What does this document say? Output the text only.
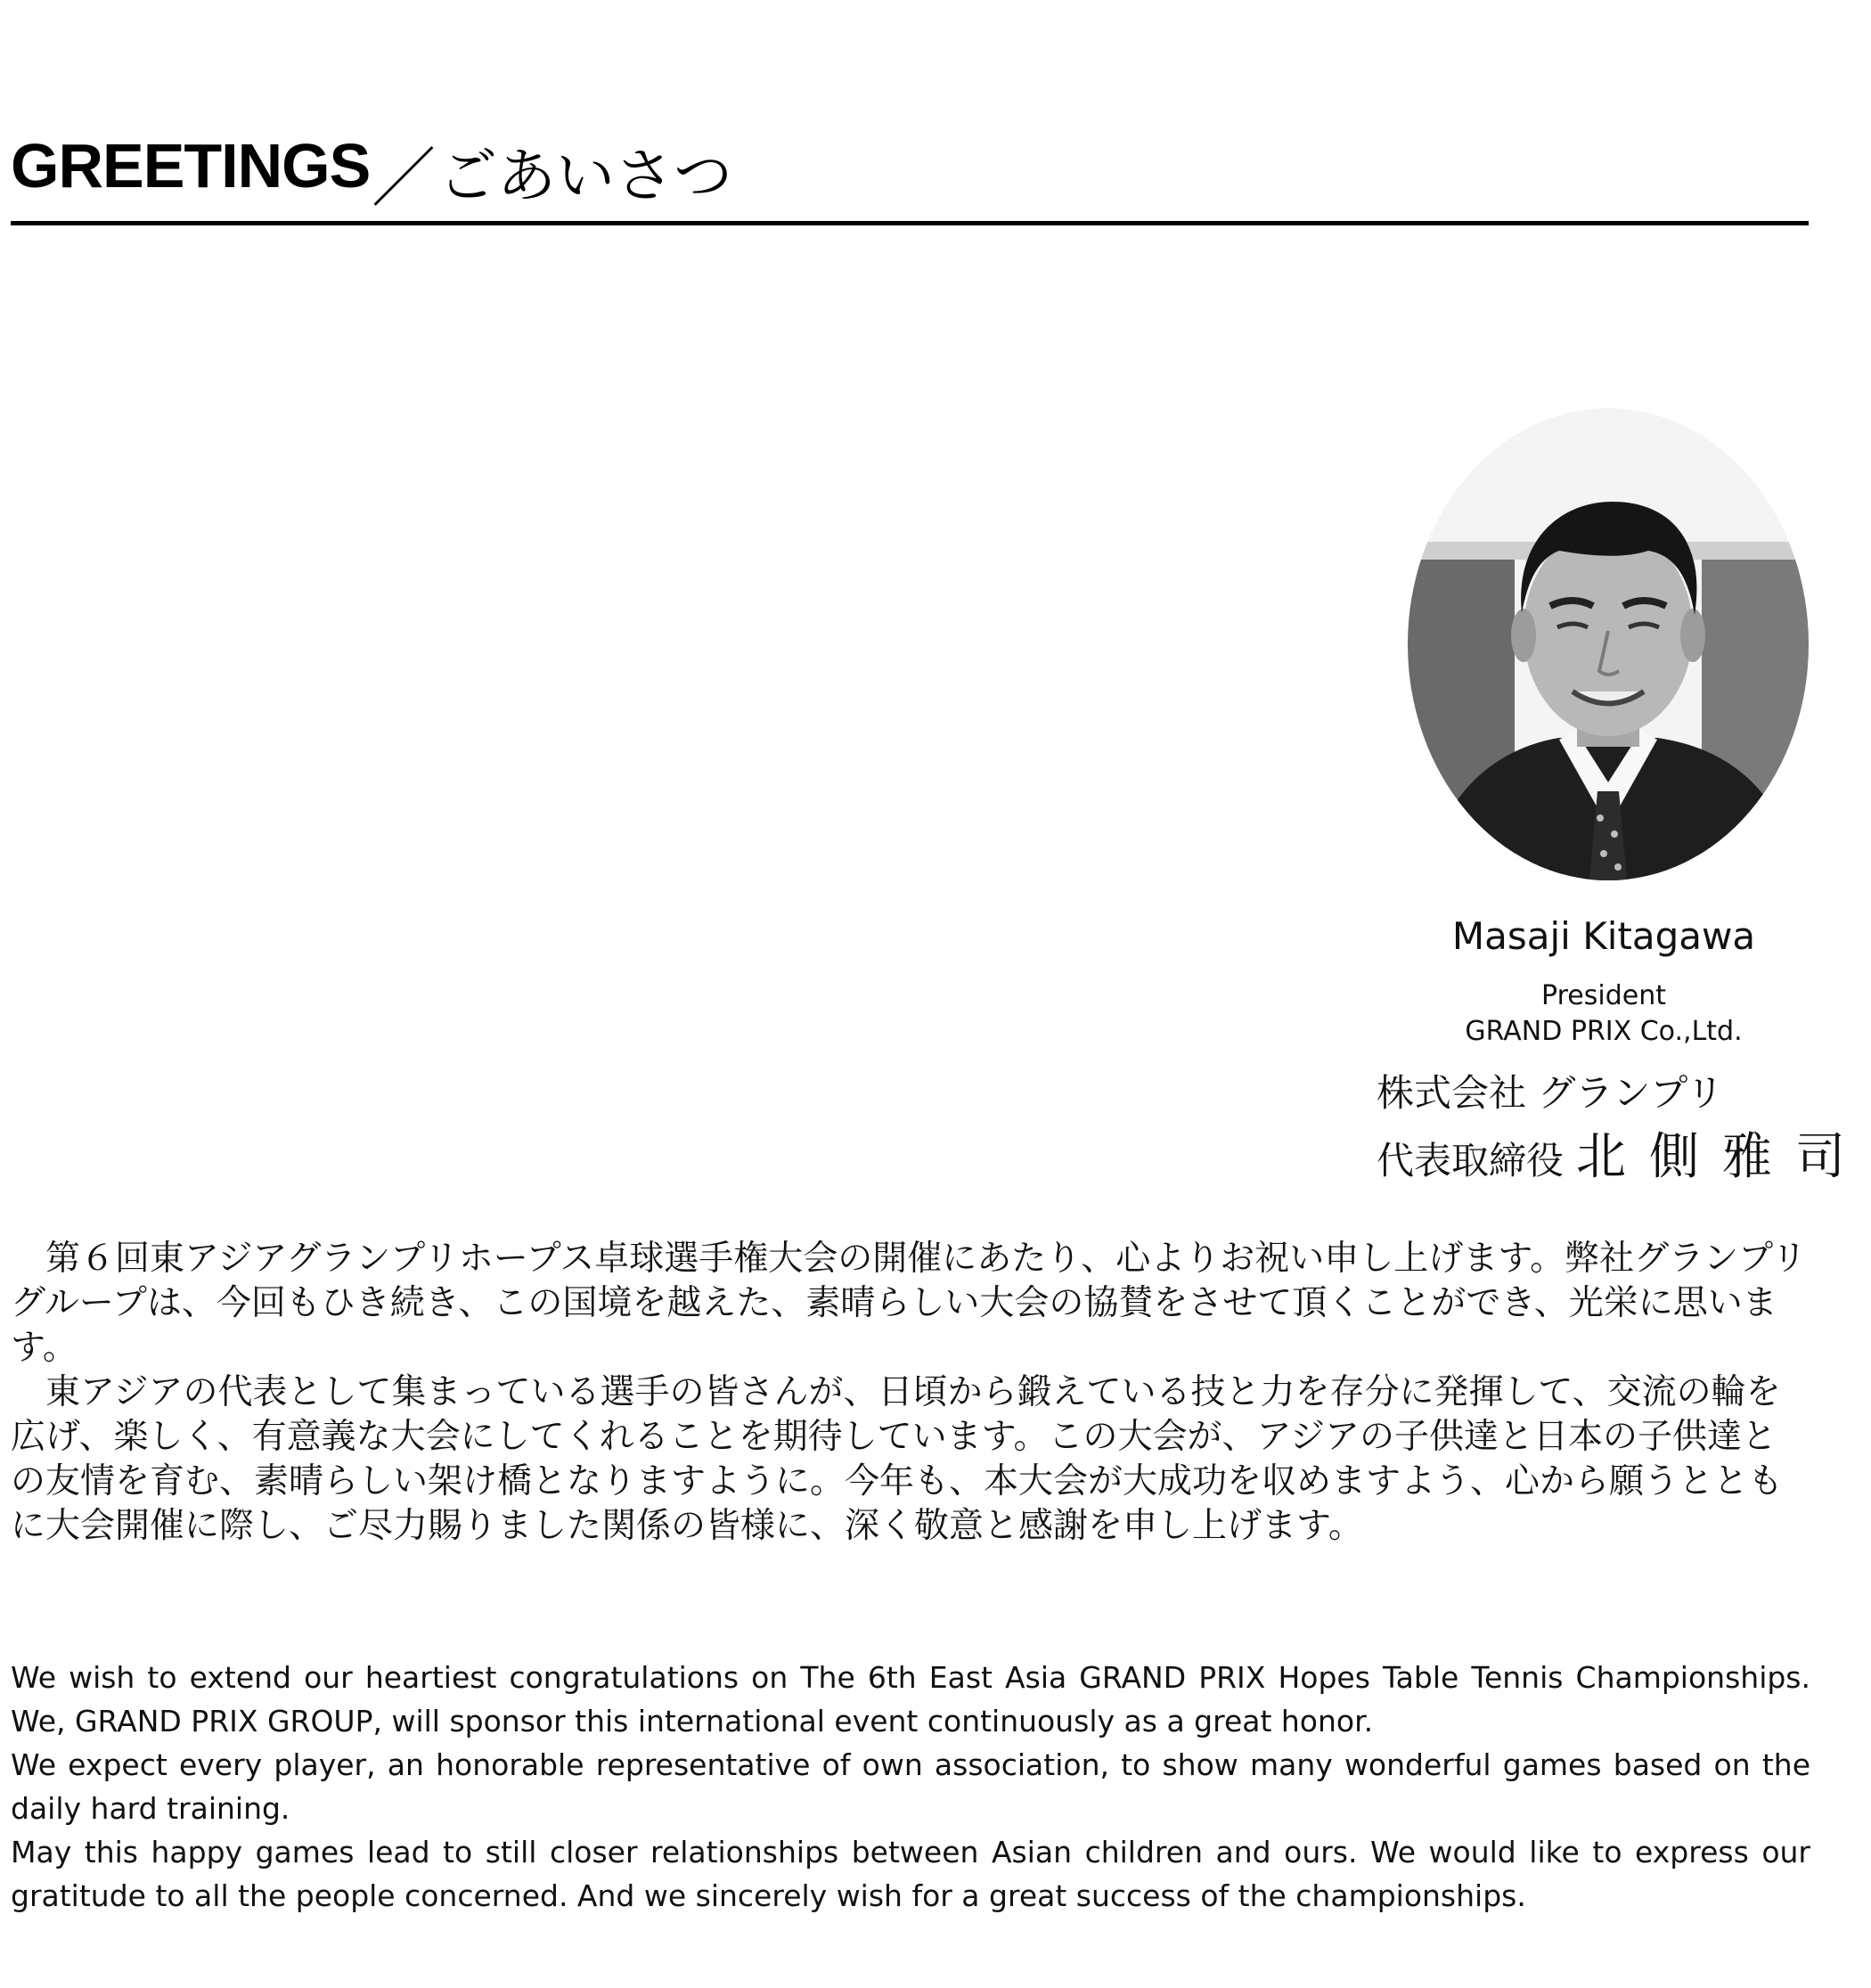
GREETINGS ／ ごあいさつ
Masaji Kitagawa
President
GRAND PRIX Co.,Ltd.
株式会社 グランプリ
代表取締役 北側雅司

第６回東アジアグランプリホープス卓球選手権大会の開催にあたり、心よりお祝い申し上げます。弊社グランプリグループは、今回もひき続き、この国境を越えた、素晴らしい大会の協賛をさせて頂くことができ、光栄に思います。

東アジアの代表として集まっている選手の皆さんが、日頃から鍛えている技と力を存分に発揮して、交流の輪を広げ、楽しく、有意義な大会にしてくれることを期待しています。この大会が、アジアの子供達と日本の子供達との友情を育む、素晴らしい架け橋となりますように。今年も、本大会が大成功を収めますよう、心から願うとともに大会開催に際し、ご尽力賜りました関係の皆様に、深く敬意と感謝を申し上げます。

We wish to extend our heartiest congratulations on The 6th East Asia GRAND PRIX Hopes Table Tennis Championships. We, GRAND PRIX GROUP, will sponsor this international event continuously as a great honor.

We expect every player, an honorable representative of own association, to show many wonderful games based on the daily hard training.

May this happy games lead to still closer relationships between Asian children and ours. We would like to express our gratitude to all the people concerned. And we sincerely wish for a great success of the championships.
